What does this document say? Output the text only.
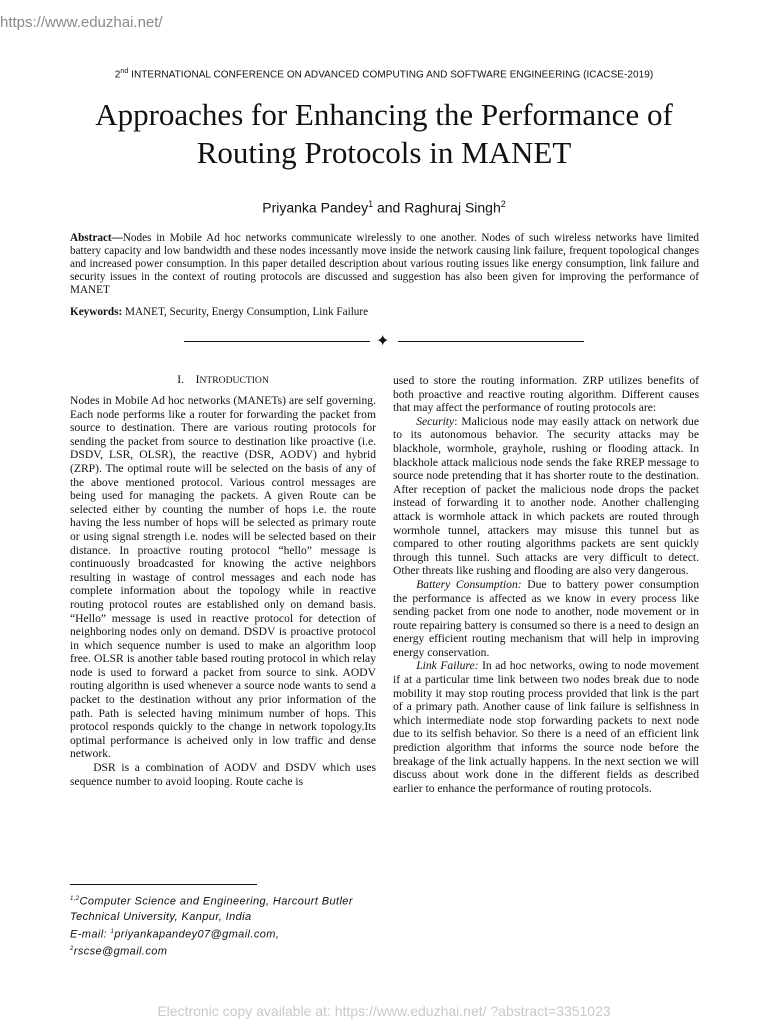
https://www.eduzhai.net/
2nd INTERNATIONAL CONFERENCE ON ADVANCED COMPUTING AND SOFTWARE ENGINEERING (ICACSE-2019)
Approaches for Enhancing the Performance of
Routing Protocols in MANET
Priyanka Pandey$^1$ and Raghuraj Singh$^2$
Abstract—Nodes in Mobile Ad hoc networks communicate wirelessly to one another. Nodes of such wireless networks have limited battery capacity and low bandwidth and these nodes incessantly move inside the network causing link failure, frequent topological changes and increased power consumption. In this paper detailed description about various routing issues like energy consumption, link failure and security issues in the context of routing protocols are discussed and suggestion has also been given for improving the performance of MANET
Keywords: MANET, Security, Energy Consumption, Link Failure
✦
I. INTRODUCTION

Nodes in Mobile Ad hoc networks (MANETs) are self governing. Each node performs like a router for forwarding the packet from source to destination. There are various routing protocols for sending the packet from source to destination like proactive (i.e. DSDV, LSR, OLSR), the reactive (DSR, AODV) and hybrid (ZRP). The optimal route will be selected on the basis of any of the above mentioned protocol. Various control messages are being used for managing the packets. A given Route can be selected either by counting the number of hops i.e. the route having the less number of hops will be selected as primary route or using signal strength i.e. nodes will be selected based on their distance. In proactive routing protocol “hello” message is continuously broadcasted for knowing the active neighbors resulting in wastage of control messages and each node has complete information about the topology while in reactive routing protocol routes are established only on demand basis. “Hello” message is used in reactive protocol for detection of neighboring nodes only on demand. DSDV is proactive protocol in which sequence number is used to make an algorithm loop free. OLSR is another table based routing protocol in which relay node is used to forward a packet from source to sink. AODV routing algorithn is used whenever a source node wants to send a packet to the destination without any prior information of the path. Path is selected having minimum number of hops. This protocol responds quickly to the change in network topology.Its optimal performance is acheived only in low traffic and dense network.

DSR is a combination of AODV and DSDV which uses sequence number to avoid looping. Route cache is

$^{1,2}$Computer Science and Engineering, Harcourt Butler
Technical University, Kanpur, India
E-mail: $^1$priyankapandey07@gmail.com,
$^2$rscse@gmail.com

used to store the routing information. ZRP utilizes benefits of both proactive and reactive routing algorithm. Different causes that may affect the performance of routing protocols are:

Security: Malicious node may easily attack on network due to its autonomous behavior. The security attacks may be blackhole, wormhole, grayhole, rushing or flooding attack. In blackhole attack malicious node sends the fake RREP message to source node pretending that it has shorter route to the destination. After reception of packet the malicious node drops the packet instead of forwarding it to another node. Another challenging attack is wormhole attack in which packets are routed through wormhole tunnel, attackers may misuse this tunnel but as compared to other routing algorithms packets are sent quickly through this tunnel. Such attacks are very difficult to detect. Other threats like rushing and flooding are also very dangerous.

Battery Consumption: Due to battery power consumption the performance is affected as we know in every process like sending packet from one node to another, node movement or in route repairing battery is consumed so there is a need to design an energy efficient routing mechanism that will help in improving energy conservation.

Link Failure: In ad hoc networks, owing to node movement if at a particular time link between two nodes break due to node mobility it may stop routing process provided that link is the part of a primary path. Another cause of link failure is selfishness in which intermediate node stop forwarding packets to next node due to its selfish behavior. So there is a need of an efficient link prediction algorithm that informs the source node before the breakage of the link actually happens. In the next section we will discuss about work done in the different fields as described earlier to enhance the performance of routing protocols.

Electronic copy available at: https://www.eduzhai.net/ ?abstract=3351023
